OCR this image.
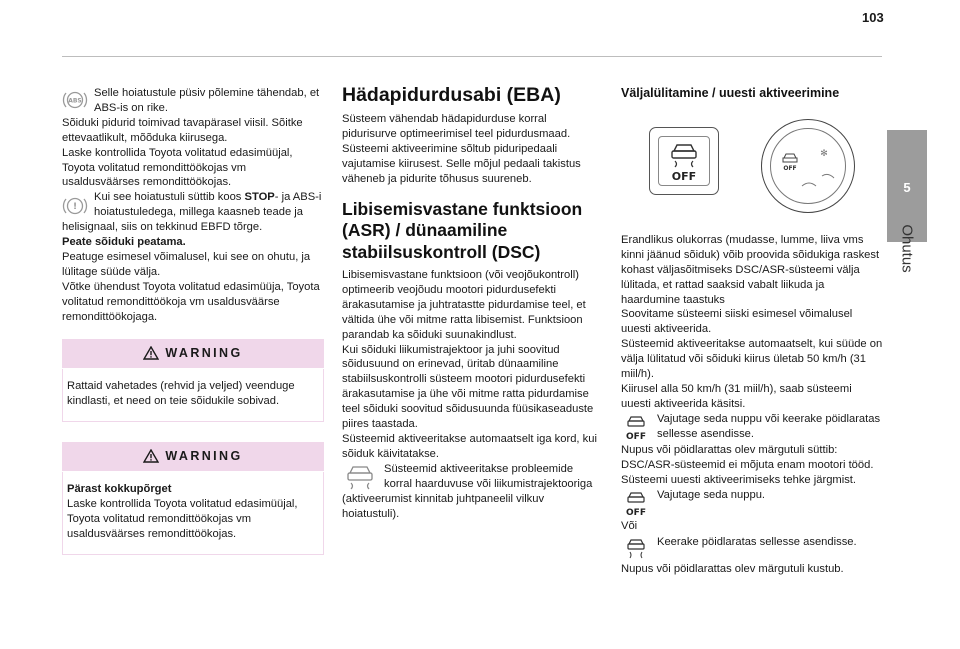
103
5
Ohutus
ABS

Selle hoiatustule püsiv põlemine tähendab, et ABS-is on rike.

Sõiduki pidurid toimivad tavapärasel viisil. Sõitke ettevaatlikult, mõõduka kiirusega.

Laske kontrollida Toyota volitatud edasimüüjal, Toyota volitatud remondittöökojas vm usaldusväärses remondittöökojas.

!

Kui see hoiatustuli süttib koos STOP- ja ABS-i hoiatustuledega, millega kaasneb teade ja helisignaal, siis on tekkinud EBFD tõrge.

Peate sõiduki peatama.

Peatuge esimesel võimalusel, kui see on ohutu, ja lülitage süüde välja.

Võtke ühendust Toyota volitatud edasimüüja, Toyota volitatud remondittöökoja vm usaldusväärse remondittöökojaga.

WARNING
Rattaid vahetades (rehvid ja veljed) veenduge kindlasti, et need on teie sõidukile sobivad.
WARNING
Pärast kokkupõrget
Laske kontrollida Toyota volitatud edasimüüjal, Toyota volitatud remondittöökojas vm usaldusväärses remondittöökojas.
Hädapidurdusabi (EBA)

Süsteem vähendab hädapidurduse korral pidurisurve optimeerimisel teel pidurdusmaad. Süsteemi aktiveerimine sõltub piduripedaali vajutamise kiirusest. Selle mõjul pedaali takistus väheneb ja pidurite tõhusus suureneb.

Libisemisvastane funktsioon (ASR) / dünaamiline stabiilsuskontroll (DSC)

Libisemisvastane funktsioon (või veojõukontroll) optimeerib veojõudu mootori pidurdusefekti ärakasutamise ja juhtratastte pidurdamise teel, et vältida ühe või mitme ratta libisemist. Funktsioon parandab ka sõiduki suunakindlust.

Kui sõiduki liikumistrajektoor ja juhi soovitud sõidusuund on erinevad, üritab dünaamiline stabiilsuskontrolli süsteem mootori pidurdusefekti ärakasutamise ja ühe või mitme ratta pidurdamise teel sõiduki soovitud sõidusuunda füüsikaseaduste piires taastada.

Süsteemid aktiveeritakse automaatselt iga kord, kui sõiduk käivitatakse.

Süsteemid aktiveeritakse probleemide korral haarduvuse või liikumistrajektooriga (aktiveerumist kinnitab juhtpaneelil vilkuv hoiatustuli).

Väljalülitamine / uuesti aktiveerimine
OFF
OFF
✻

Erandlikus olukorras (mudasse, lumme, liiva vms kinni jäänud sõiduk) võib proovida sõidukiga raskest kohast väljasõitmiseks DSC/ASR-süsteemi välja lülitada, et rattad saaksid vabalt liikuda ja haardumine taastuks

Soovitame süsteemi siiski esimesel võimalusel uuesti aktiveerida.

Süsteemid aktiveeritakse automaatselt, kui süüde on välja lülitatud või sõiduki kiirus ületab 50 km/h (31 miil/h).

Kiirusel alla 50 km/h (31 miil/h), saab süsteemi uuesti aktiveerida käsitsi.

OFF

Vajutage seda nuppu või keerake pöidlaratas sellesse asendisse.

Nupus või pöidlarattas olev märgutuli süttib: DSC/ASR-süsteemid ei mõjuta enam mootori tööd.

Süsteemi uuesti aktiveerimiseks tehke järgmist.

OFF

Vajutage seda nuppu.

Või

Keerake pöidlaratas sellesse asendisse.

Nupus või pöidlarattas olev märgutuli kustub.
